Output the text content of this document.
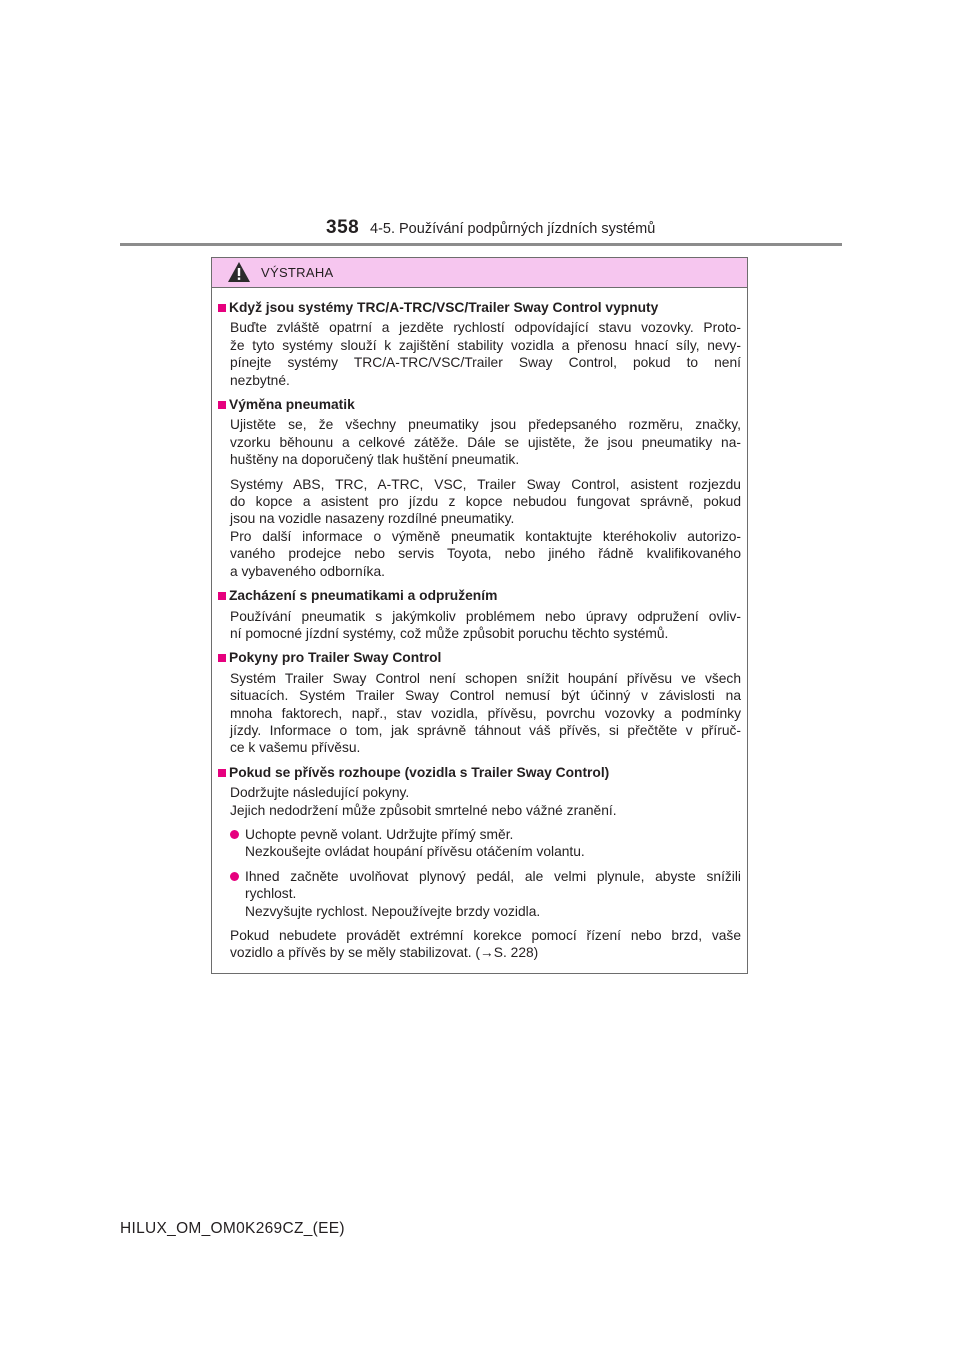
358 4-5. Používání podpůrných jízdních systémů
VÝSTRAHA
Když jsou systémy TRC/A-TRC/VSC/Trailer Sway Control vypnuty
Buďte zvláště opatrní a jezděte rychlostí odpovídající stavu vozovky. Proto-
že tyto systémy slouží k zajištění stability vozidla a přenosu hnací síly, nevy-
pínejte systémy TRC/A-TRC/VSC/Trailer Sway Control, pokud to není
nezbytné.
Výměna pneumatik
Ujistěte se, že všechny pneumatiky jsou předepsaného rozměru, značky,
vzorku běhounu a celkové zátěže. Dále se ujistěte, že jsou pneumatiky na-
huštěny na doporučený tlak huštění pneumatik.
Systémy ABS, TRC, A-TRC, VSC, Trailer Sway Control, asistent rozjezdu
do kopce a asistent pro jízdu z kopce nebudou fungovat správně, pokud
jsou na vozidle nasazeny rozdílné pneumatiky.
Pro další informace o výměně pneumatik kontaktujte kteréhokoliv autorizo-
vaného prodejce nebo servis Toyota, nebo jiného řádně kvalifikovaného
a vybaveného odborníka.
Zacházení s pneumatikami a odpružením
Používání pneumatik s jakýmkoliv problémem nebo úpravy odpružení ovliv-
ní pomocné jízdní systémy, což může způsobit poruchu těchto systémů.
Pokyny pro Trailer Sway Control
Systém Trailer Sway Control není schopen snížit houpání přívěsu ve všech
situacích. Systém Trailer Sway Control nemusí být účinný v závislosti na
mnoha faktorech, např., stav vozidla, přívěsu, povrchu vozovky a podmínky
jízdy. Informace o tom, jak správně táhnout váš přívěs, si přečtěte v příruč-
ce k vašemu přívěsu.
Pokud se přívěs rozhoupe (vozidla s Trailer Sway Control)
Dodržujte následující pokyny.
Jejich nedodržení může způsobit smrtelné nebo vážné zranění.
Uchopte pevně volant. Udržujte přímý směr.
Nezkoušejte ovládat houpání přívěsu otáčením volantu.
Ihned začněte uvolňovat plynový pedál, ale velmi plynule, abyste snížili
rychlost.
Nezvyšujte rychlost. Nepoužívejte brzdy vozidla.
Pokud nebudete provádět extrémní korekce pomocí řízení nebo brzd, vaše
vozidlo a přívěs by se měly stabilizovat. (→S. 228)
HILUX_OM_OM0K269CZ_(EE)
